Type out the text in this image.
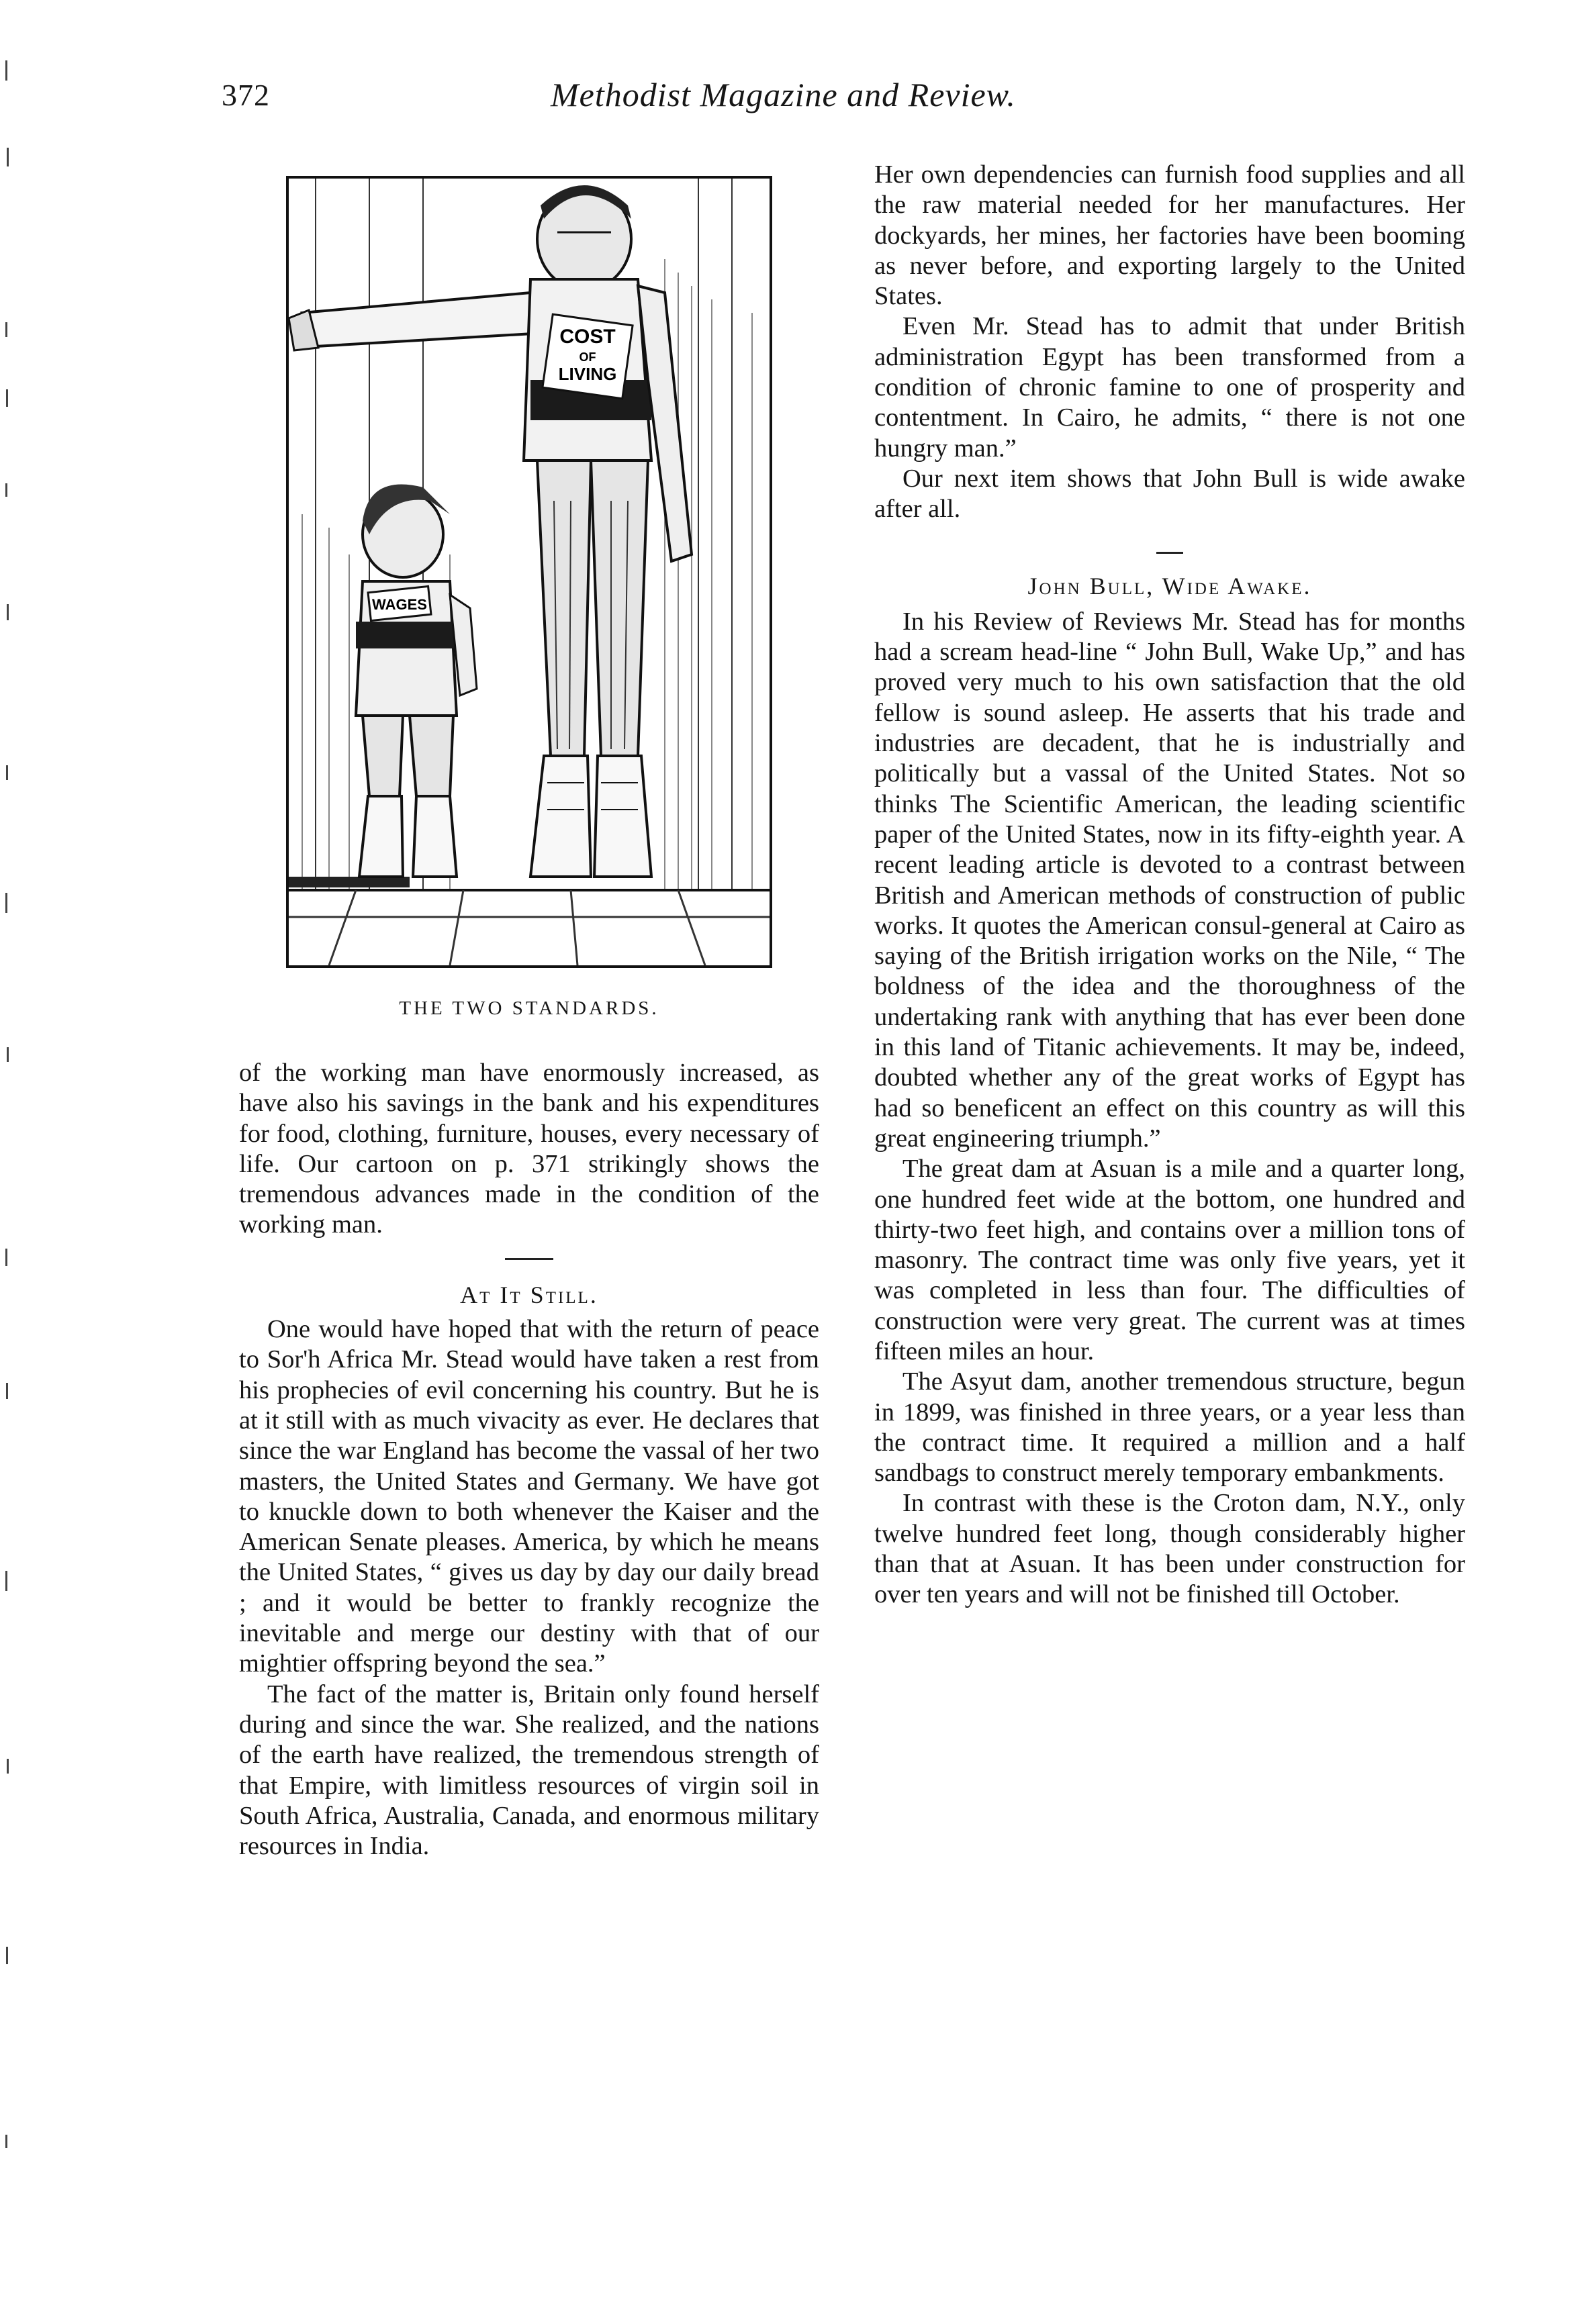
372	Methodist Magazine and Review.
COST
OF
LIVING
WAGES
THE TWO STANDARDS.

of the working man have enormously increased, as have also his savings in the bank and his expenditures for food, clothing, furniture, houses, every necessary of life. Our cartoon on p. 371 strikingly shows the tremendous advances made in the condition of the working man.

At It Still.

One would have hoped that with the return of peace to Sor'h Africa Mr. Stead would have taken a rest from his prophecies of evil concerning his country. But he is at it still with as much vivacity as ever. He declares that since the war England has become the vassal of her two masters, the United States and Germany. We have got to knuckle down to both whenever the Kaiser and the American Senate pleases. America, by which he means the United States, “ gives us day by day our daily bread ; and it would be better to frankly recognize the inevitable and merge our destiny with that of our mightier offspring beyond the sea.”

The fact of the matter is, Britain only found herself during and since the war. She realized, and the nations of the earth have realized, the tremendous strength of that Empire, with limitless resources of virgin soil in South Africa, Australia, Canada, and enormous military resources in India.

Her own dependencies can furnish food supplies and all the raw material needed for her manufactures. Her dockyards, her mines, her factories have been booming as never before, and exporting largely to the United States.

Even Mr. Stead has to admit that under British administration Egypt has been transformed from a condition of chronic famine to one of prosperity and contentment. In Cairo, he admits, “ there is not one hungry man.”

Our next item shows that John Bull is wide awake after all.

John Bull, Wide Awake.

In his Review of Reviews Mr. Stead has for months had a scream head-line “ John Bull, Wake Up,” and has proved very much to his own satisfaction that the old fellow is sound asleep. He asserts that his trade and industries are decadent, that he is industrially and politically but a vassal of the United States. Not so thinks The Scientific American, the leading scientific paper of the United States, now in its fifty-eighth year. A recent leading article is devoted to a contrast between British and American methods of construction of public works. It quotes the American consul-general at Cairo as saying of the British irrigation works on the Nile, “ The boldness of the idea and the thoroughness of the undertaking rank with anything that has ever been done in this land of Titanic achievements. It may be, indeed, doubted whether any of the great works of Egypt has had so beneficent an effect on this country as will this great engineering triumph.”

The great dam at Asuan is a mile and a quarter long, one hundred feet wide at the bottom, one hundred and thirty-two feet high, and contains over a million tons of masonry. The contract time was only five years, yet it was completed in less than four. The difficulties of construction were very great. The current was at times fifteen miles an hour.

The Asyut dam, another tremendous structure, begun in 1899, was finished in three years, or a year less than the contract time. It required a million and a half sandbags to construct merely temporary embankments.

In contrast with these is the Croton dam, N.Y., only twelve hundred feet long, though considerably higher than that at Asuan. It has been under construction for over ten years and will not be finished till October.
